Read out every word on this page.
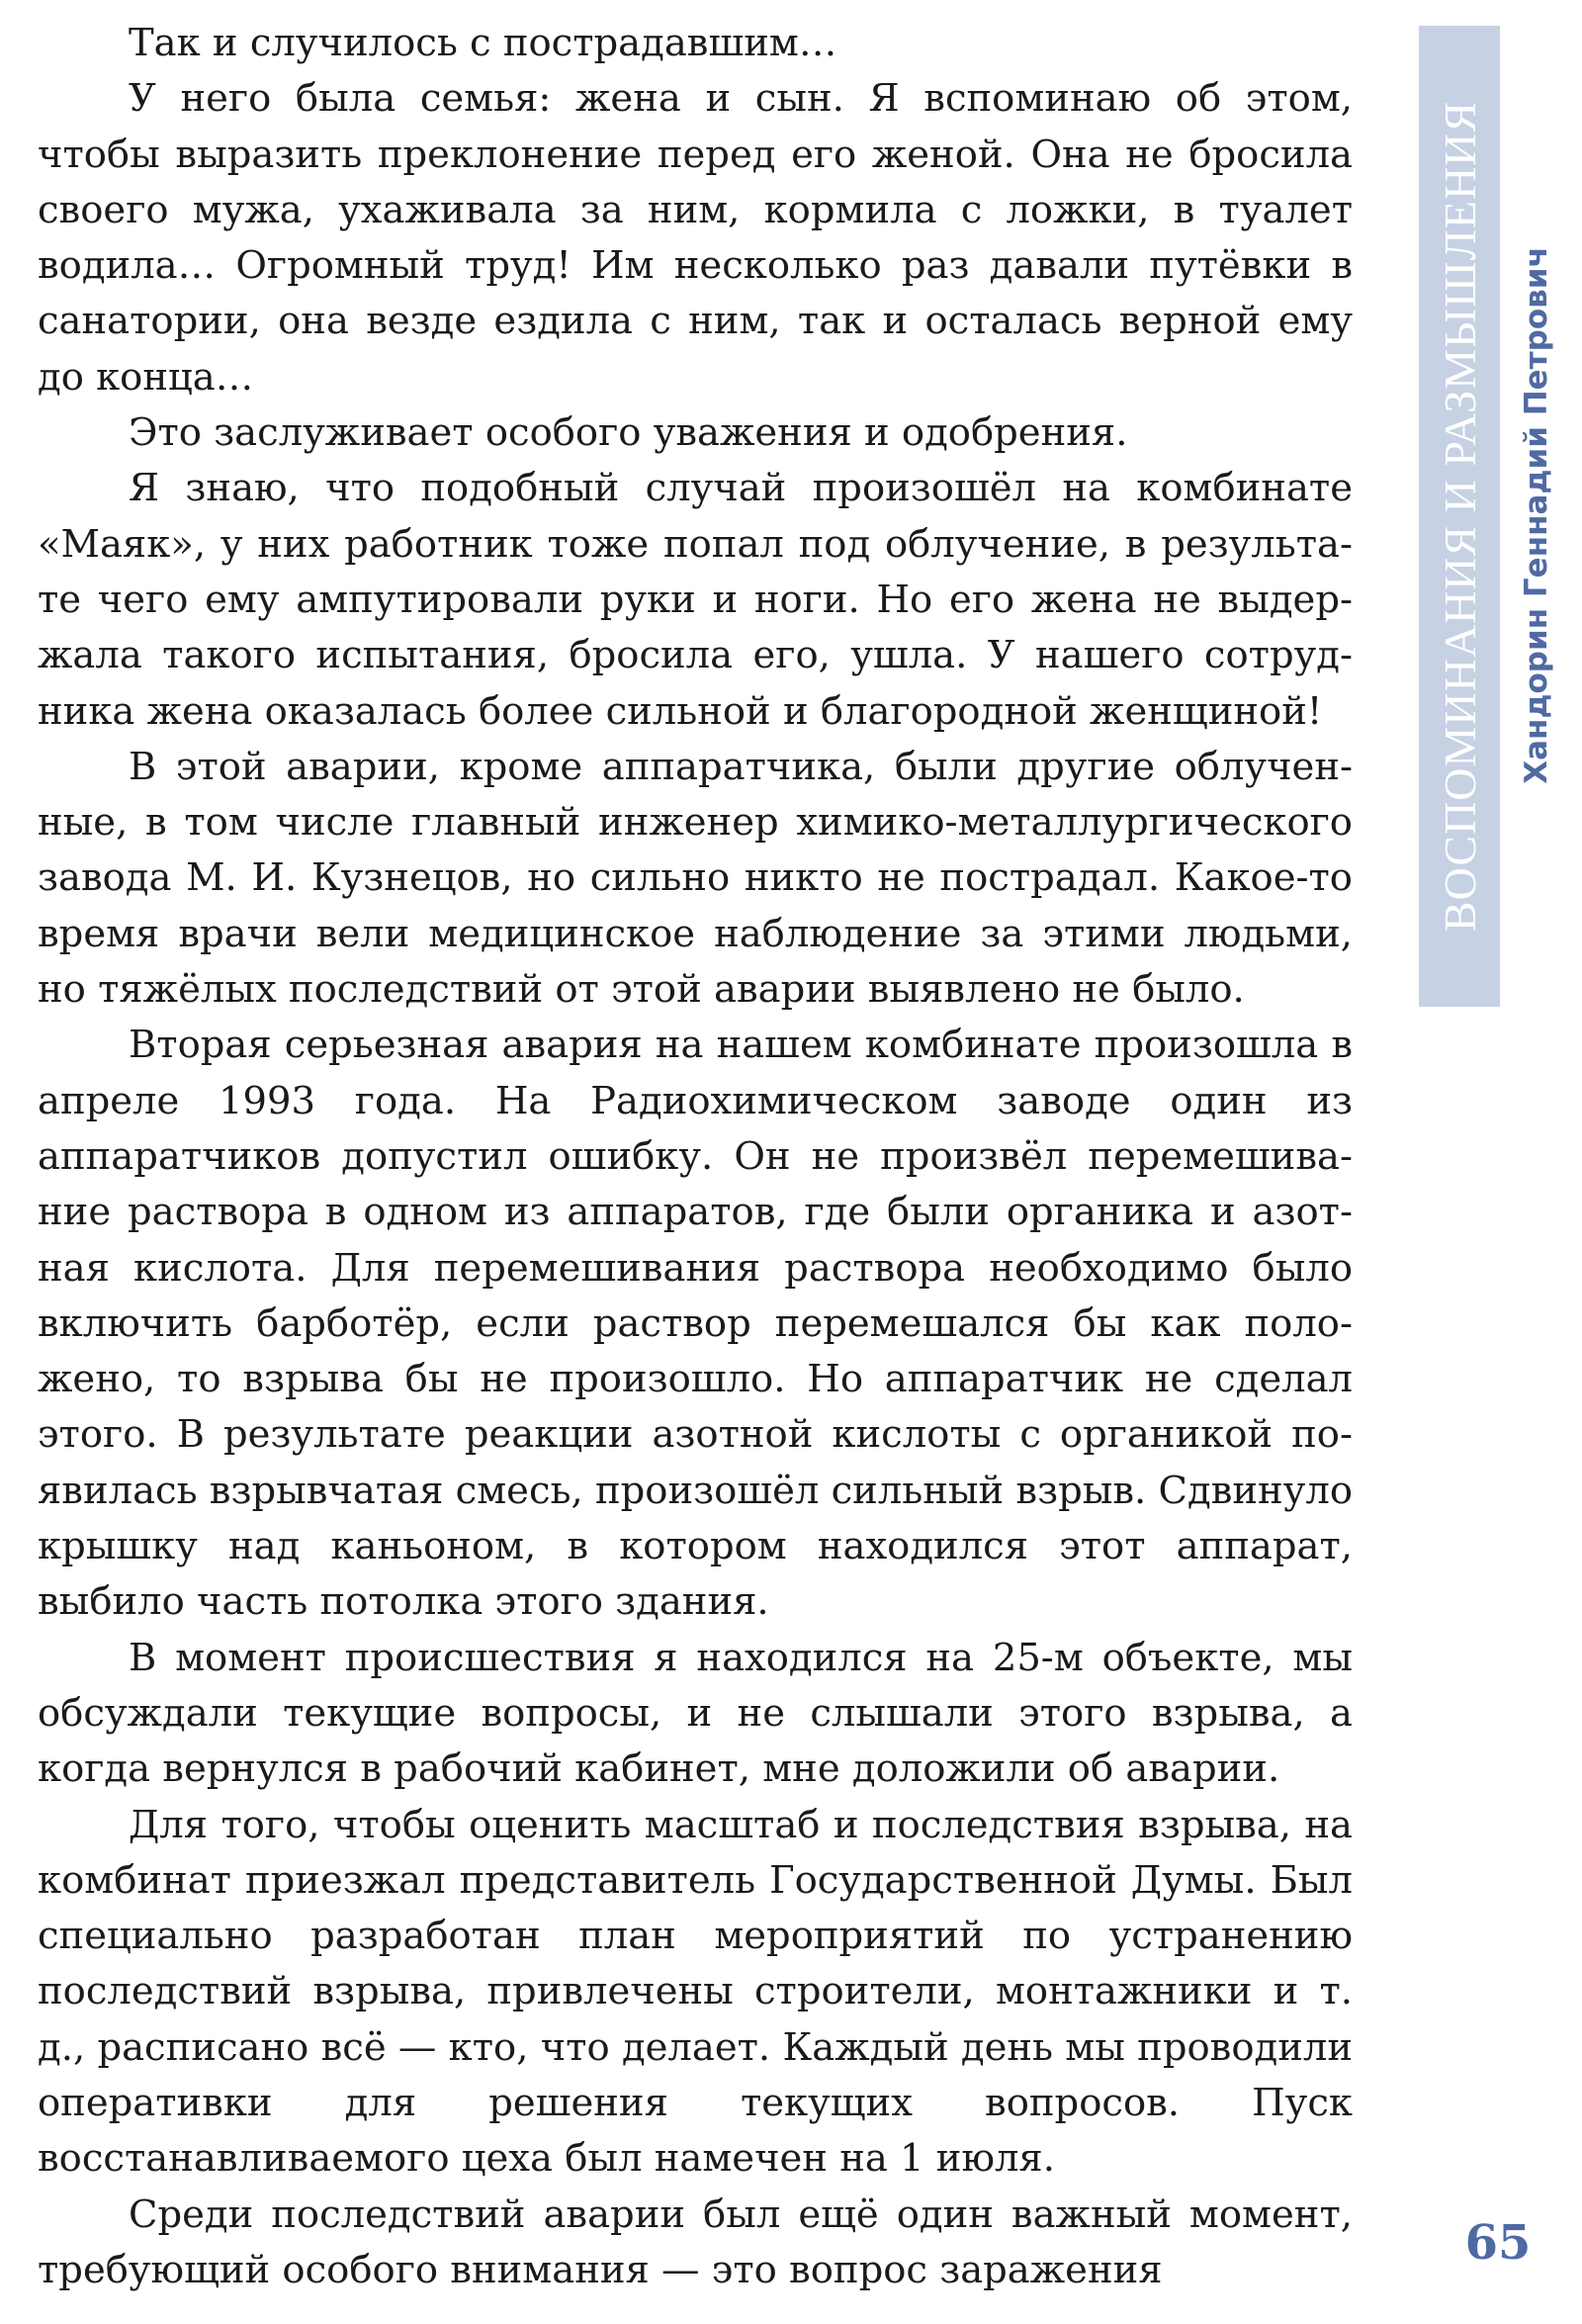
Так и случилось с пострадавшим…

У него была семья: жена и сын. Я вспоминаю об этом, чтобы выразить преклонение перед его женой. Она не бросила своего мужа, ухаживала за ним, кормила с ложки, в туалет водила… Огромный труд! Им несколько раз давали путёвки в санатории, она везде ездила с ним, так и осталась верной ему до конца…

Это заслуживает особого уважения и одобрения.

Я знаю, что подобный случай произошёл на комбинате «Маяк», у них работник тоже попал под облучение, в результате чего ему ампутировали руки и ноги. Но его жена не выдержала такого испытания, бросила его, ушла. У нашего сотрудника жена оказалась более сильной и благородной женщиной!

В этой аварии, кроме аппаратчика, были другие облученные, в том числе главный инженер химико-металлургического завода М. И. Кузнецов, но сильно никто не пострадал. Какое-то время врачи вели медицинское наблюдение за этими людьми, но тяжёлых последствий от этой аварии выявлено не было.

Вторая серьезная авария на нашем комбинате произошла в апреле 1993 года. На Радиохимическом заводе один из аппаратчиков допустил ошибку. Он не произвёл перемешивание раствора в одном из аппаратов, где были органика и азотная кислота. Для перемешивания раствора необходимо было включить барботёр, если раствор перемешался бы как положено, то взрыва бы не произошло. Но аппаратчик не сделал этого. В результате реакции азотной кислоты с органикой появилась взрывчатая смесь, произошёл сильный взрыв. Сдвинуло крышку над каньоном, в котором находился этот аппарат, выбило часть потолка этого здания.

В момент происшествия я находился на 25-м объекте, мы обсуждали текущие вопросы, и не слышали этого взрыва, а когда вернулся в рабочий кабинет, мне доложили об аварии.

Для того, чтобы оценить масштаб и последствия взрыва, на комбинат приезжал представитель Государственной Думы. Был специально разработан план мероприятий по устранению последствий взрыва, привлечены строители, монтажники и т. д., расписано всё — кто, что делает. Каждый день мы проводили оперативки для решения текущих вопросов. Пуск восстанавливаемого цеха был намечен на 1 июля.

Среди последствий аварии был ещё один важный момент, требующий особого внимания — это вопрос заражения

ВОСПОМИНАНИЯ И РАЗМЫШЛЕНИЯ	Хандорин Геннадий Петрович
65
